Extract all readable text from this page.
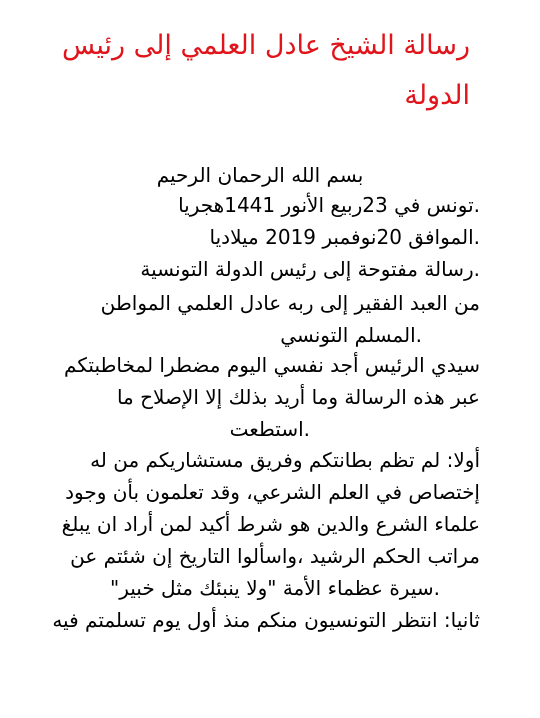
رسالة الشيخ عادل العلمي إلى رئيس
الدولة

بسم الله الرحمان الرحيم

.تونس في 23ربيع الأنور 1441هجريا

.الموافق 20نوفمبر 2019 ميلاديا

.رسالة مفتوحة إلى رئيس الدولة التونسية

من العبد الفقير إلى ربه عادل العلمي المواطن

.المسلم التونسي

سيدي الرئيس أجد نفسي اليوم مضطرا لمخاطبتكم

عبر هذه الرسالة وما أريد بذلك إلا الإصلاح ما

.استطعت

أولا: لم تظم بطانتكم وفريق مستشاريكم من له

إختصاص في العلم الشرعي، وقد تعلمون بأن وجود

علماء الشرع والدين هو شرط أكيد لمن أراد ان يبلغ

مراتب الحكم الرشيد ،واسألوا التاريخ إن شئتم عن

.سيرة عظماء الأمة "ولا ينبئك مثل خبير"

ثانيا: انتظر التونسيون منكم منذ أول يوم تسلمتم فيه
